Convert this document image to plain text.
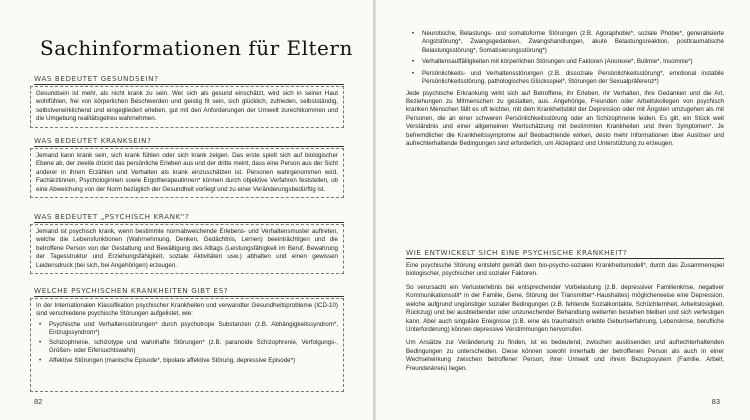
Sachinformationen für Eltern
WAS BEDEUTET GESUNDSEIN?

Gesundsein ist mehr, als nicht krank zu sein. Wer sich als gesund einschätzt, wird sich in seiner Haut wohlfühlen, frei von körperlichen Beschwerden und geistig fit sein, sich glücklich, zufrieden, selbstständig, selbstverwirklichend und eingegliedert erleben, gut mit den Anforderungen der Umwelt zurechtkommen und die Umgebung realitätsgetreu wahrnehmen.

WAS BEDEUTET KRANKSEIN?

Jemand kann krank sein, sich krank fühlen oder sich krank zeigen. Das erste spielt sich auf biologischer Ebene ab, der zweite drückt das persönliche Erleben aus und der dritte meint, dass eine Person aus der Sicht anderer in ihrem Erzählen und Verhalten als krank einzuschätzen ist. Personen wahrgenommen wird. Fachärztinnen, Psychologinnen sowie Ergotherapeutinnen* können durch objektive Verfahren feststellen, ob eine Abweichung von der Norm bezüglich der Gesundheit vorliegt und zu einer Veränderungsbedürftig ist.

WAS BEDEUTET „PSYCHISCH KRANK“?

Jemand ist psychisch krank, wenn bestimmte normabweichende Erlebens- und Verhaltensmuster auftreten, welche die Lebensfunktionen (Wahrnehmung, Denken, Gedächtnis, Lernen) beeinträchtigen und die betroffene Person von der Gestaltung und Bewältigung des Alltags (Leistungsfähigkeit im Beruf, Bewahrung der Tagesstruktur und Erziehungsfähigkeit, soziale Aktivitäten usw.) abhalten und einen gewissen Leidensdruck (bei sich, bei Angehörigen) erzeugen.

WELCHE PSYCHISCHEN KRANKHEITEN GIBT ES?

In der Internationalen Klassifikation psychischer Krankheiten und verwandter Gesundheitsprobleme (ICD-10) sind verschiedene psychische Störungen aufgelistet, wie:

• Psychische und Verhaltensstörungen* durch psychotrope Substanzen (z.B. Abhängigkeitssyndrom*, Entzugssyndrom*)
• Schizophrenie, schizotype und wahnhafte Störungen* (z.B. paranoide Schizophrenie, Verfolgungs-, Größen- oder Eifersuchtswahn)
• Affektive Störungen (manische Episode*, bipolare affektive Störung, depressive Episode*)
82
• Neurotische, Belastungs- und somatoforme Störungen (z.B. Agoraphobie*, soziale Phobie*, generalisierte Angststörung*, Zwangsgedanken, Zwangshandlungen, akute Belastungsreaktion, posttraumatische Belastungsstörung*, Somatisierungsstörung*)
• Verhaltensauffälligkeiten mit körperlichen Störungen und Faktoren (Anorexie*, Bulimie*, Insomnie*)
• Persönlichkeits- und Verhaltensstörungen (z.B. dissoziale Persönlichkeitsstörung*, emotional instabile Persönlichkeitsstörung, pathologisches Glücksspiel*, Störungen der Sexualpräferenz*)

Jede psychische Erkrankung wirkt sich auf Betroffene, ihr Erleben, ihr Verhalten, ihre Gedanken und die Art, Beziehungen zu Mitmenschen zu gestalten, aus. Angehörige, Freunden oder Arbeitskollegen von psychisch kranken Menschen fällt es oft leichter, mit dem Krankheitsbild der Depression oder mit Ängsten umzugehen als mit Personen, die an einer schweren Persönlichkeitsstörung oder an Schizophrenie leiden. Es gilt, ein Stück weit Verständnis und einer allgemeinen Wertschätzung mit bestimmten Krankheiten und ihren Symptomen*. Je befremdlicher die Krankheitssymptome auf Beobachtende wirken, desto mehr Informationen über Auslöser und aufrechterhaltende Bedingungen sind erforderlich, um Akzeptanz und Unterstützung zu erzeugen.

WIE ENTWICKELT SICH EINE PSYCHISCHE KRANKHEIT?

Eine psychische Störung entsteht gemäß dem bio-psycho-sozialen Krankheitsmodell*, durch das Zusammenspiel biologischer, psychischer und sozialer Faktoren.

So verursacht ein Verlusterlebnis bei entsprechender Vorbelastung (z.B. depressiver Familienkrise, negativer Kommunikationsstil* in der Familie, Gene, Störung der Transmitter*-Haushaltes) möglicherweise eine Depression, welche aufgrund ungünstiger sozialer Bedingungen (z.B. fehlende Sozialkontakte, Schüchternheit, Arbeitslosigkeit, Rückzug) und bei ausbleibender oder unzureichender Behandlung weiterhin bestehen bleiben und sich verfestigen kann. Aber auch singuläre Ereignisse (z.B. eine als traumatisch erlebte Geburtserfahrung, Lebenskrise, berufliche Unterforderung) können depressive Verstimmungen hervorrufen.

Um Ansätze zur Veränderung zu finden, ist es bedeutend, zwischen auslösenden und aufrechterhaltenden Bedingungen zu unterscheiden. Diese können sowohl innerhalb der betroffenen Person als auch in einer Wechselwirkung zwischen betroffener Person, ihrer Umwelt und ihrem Bezugssystem (Familie, Arbeit, Freundeskreis) liegen.

83
